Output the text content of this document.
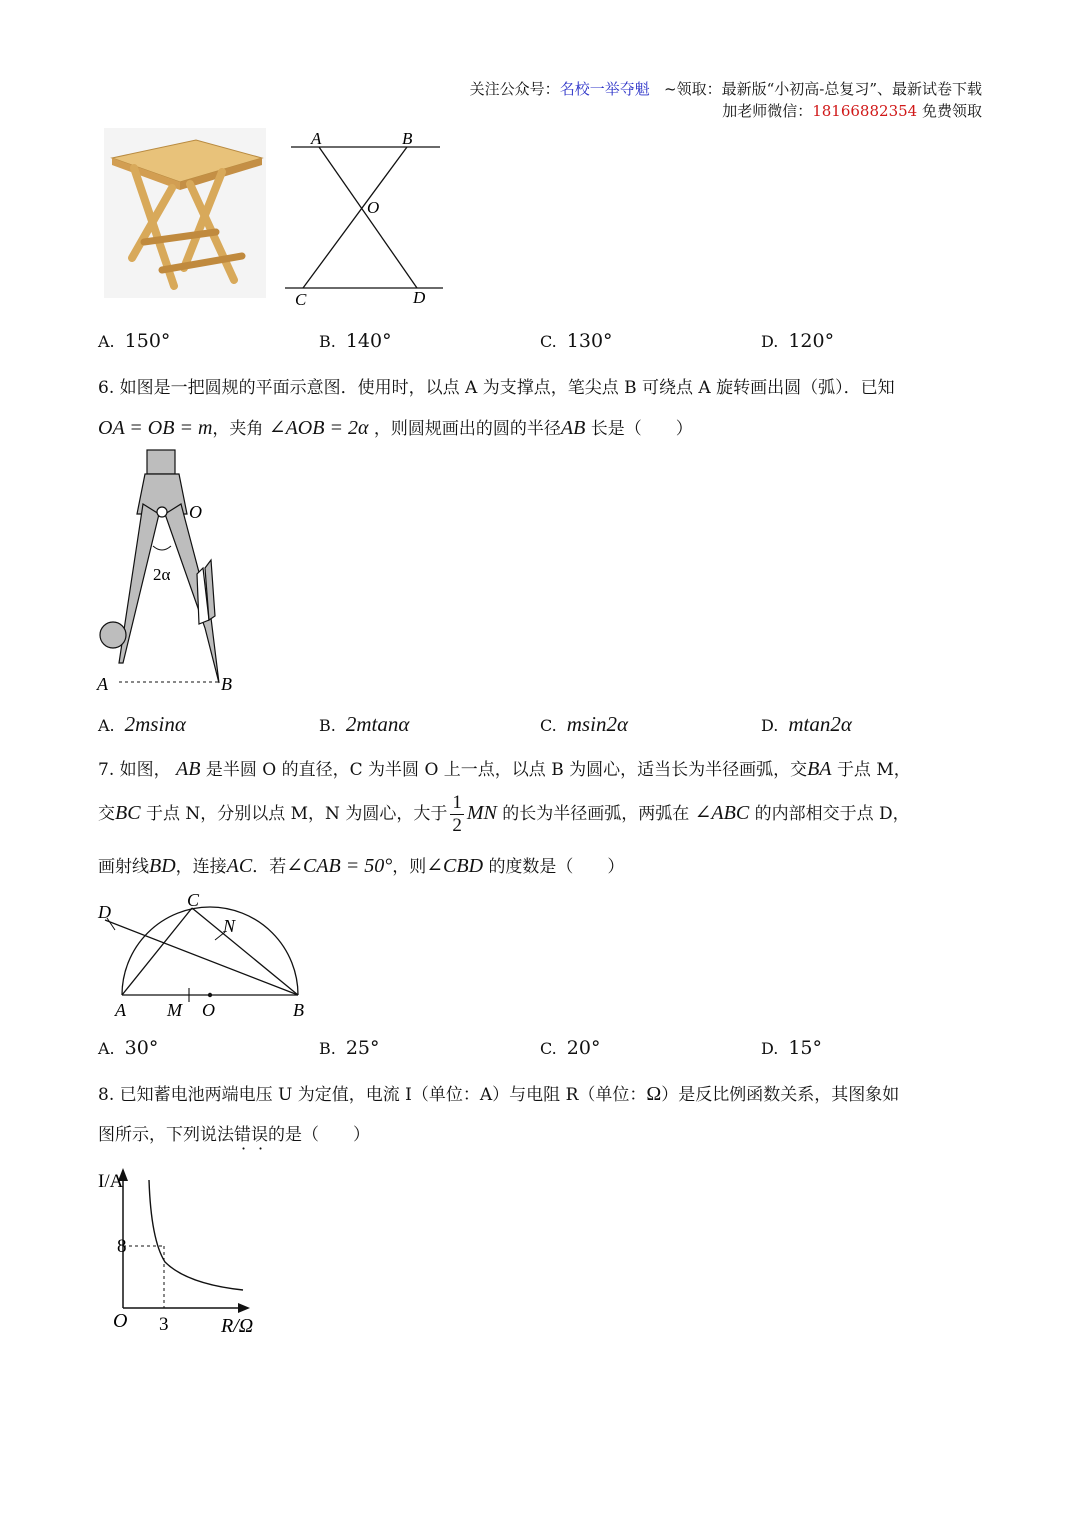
关注公众号：名校一举夺魁 ~领取：最新版“小初高-总复习”、最新试卷下载
加老师微信：18166882354 免费领取
A	B
O
C	D
A. 150°	B. 140°	C. 130°	D. 120°
6. 如图是一把圆规的平面示意图．使用时，以点 A 为支撑点，笔尖点 B 可绕点 A 旋转画出圆（弧）．已知
OA = OB = m，夹角 ∠AOB = 2α ，则圆规画出的圆的半径AB 长是（　　）
O
2α
A	B
A. 2msinα	B. 2mtanα	C. msin2α	D. mtan2α
7. 如图， AB 是半圆 O 的直径，C 为半圆 O 上一点，以点 B 为圆心，适当长为半径画弧，交BA 于点 M，
交BC 于点 N，分别以点 M，N 为圆心，大于 $\frac{1}{2}$ MN 的长为半径画弧，两弧在 ∠ABC 的内部相交于点 D，
画射线BD，连接AC．若∠CAB = 50°，则∠CBD 的度数是（　　）
D
C
N
A M O	B
A. 30°	B. 25°	C. 20°	D. 15°
8. 已知蓄电池两端电压 U 为定值，电流 I（单位：A）与电阻 R（单位：Ω）是反比例函数关系，其图象如
图所示，下列说法错误的是（　　）
I/A
8
O 3	R/Ω
